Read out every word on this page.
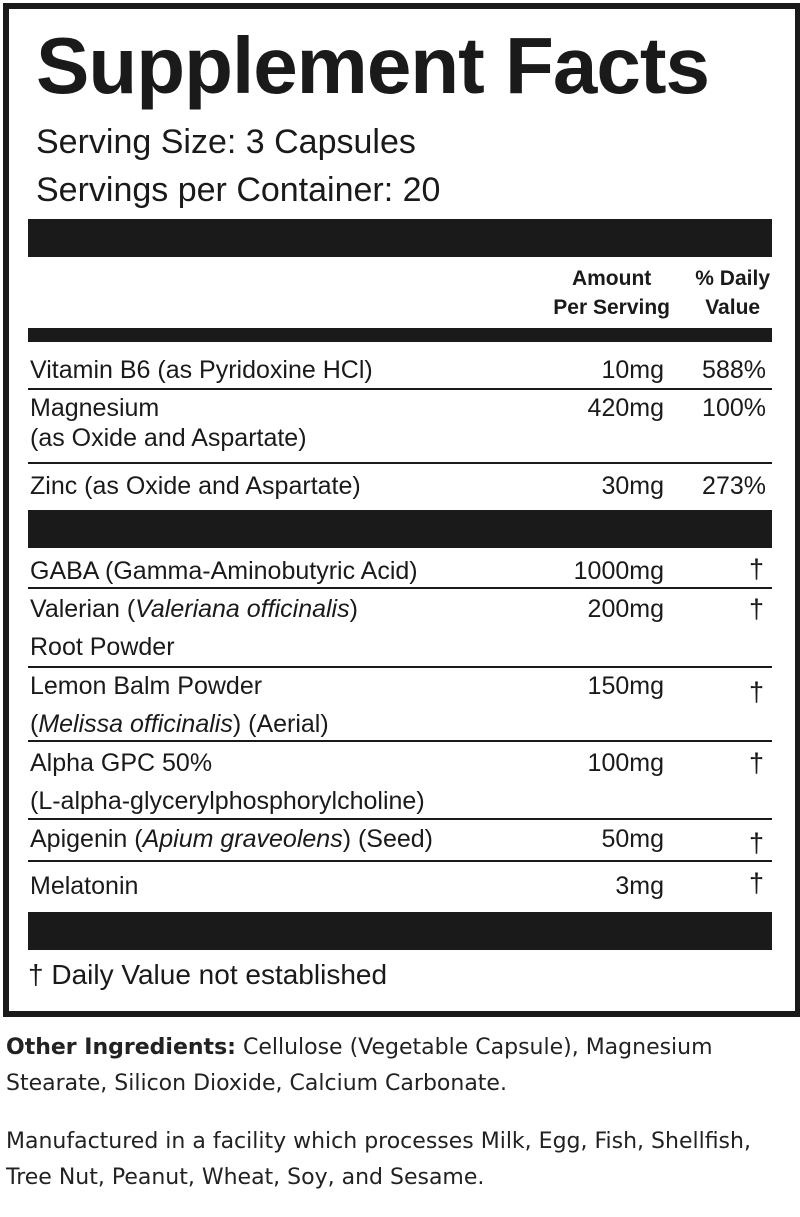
Supplement Facts
Serving Size: 3 Capsules
Servings per Container: 20
Amount
Per Serving
% Daily
Value
Vitamin B6 (as Pyridoxine HCl)	10mg 588%
Magnesium
(as Oxide and Aspartate)
420mg 100%
Zinc (as Oxide and Aspartate)	30mg 273%
GABA (Gamma-Aminobutyric Acid)	1000mg	†
Valerian (Valeriana officinalis)
Root Powder
200mg	†
Lemon Balm Powder
(Melissa officinalis) (Aerial)
150mg	†
Alpha GPC 50%
(L-alpha-glycerylphosphorylcholine)
100mg	†
Apigenin (Apium graveolens) (Seed)	50mg	†
Melatonin	3mg	†
† Daily Value not established
Other Ingredients: Cellulose (Vegetable Capsule), Magnesium Stearate, Silicon Dioxide, Calcium Carbonate.
Manufactured in a facility which processes Milk, Egg, Fish, Shellfish, Tree Nut, Peanut, Wheat, Soy, and Sesame.
